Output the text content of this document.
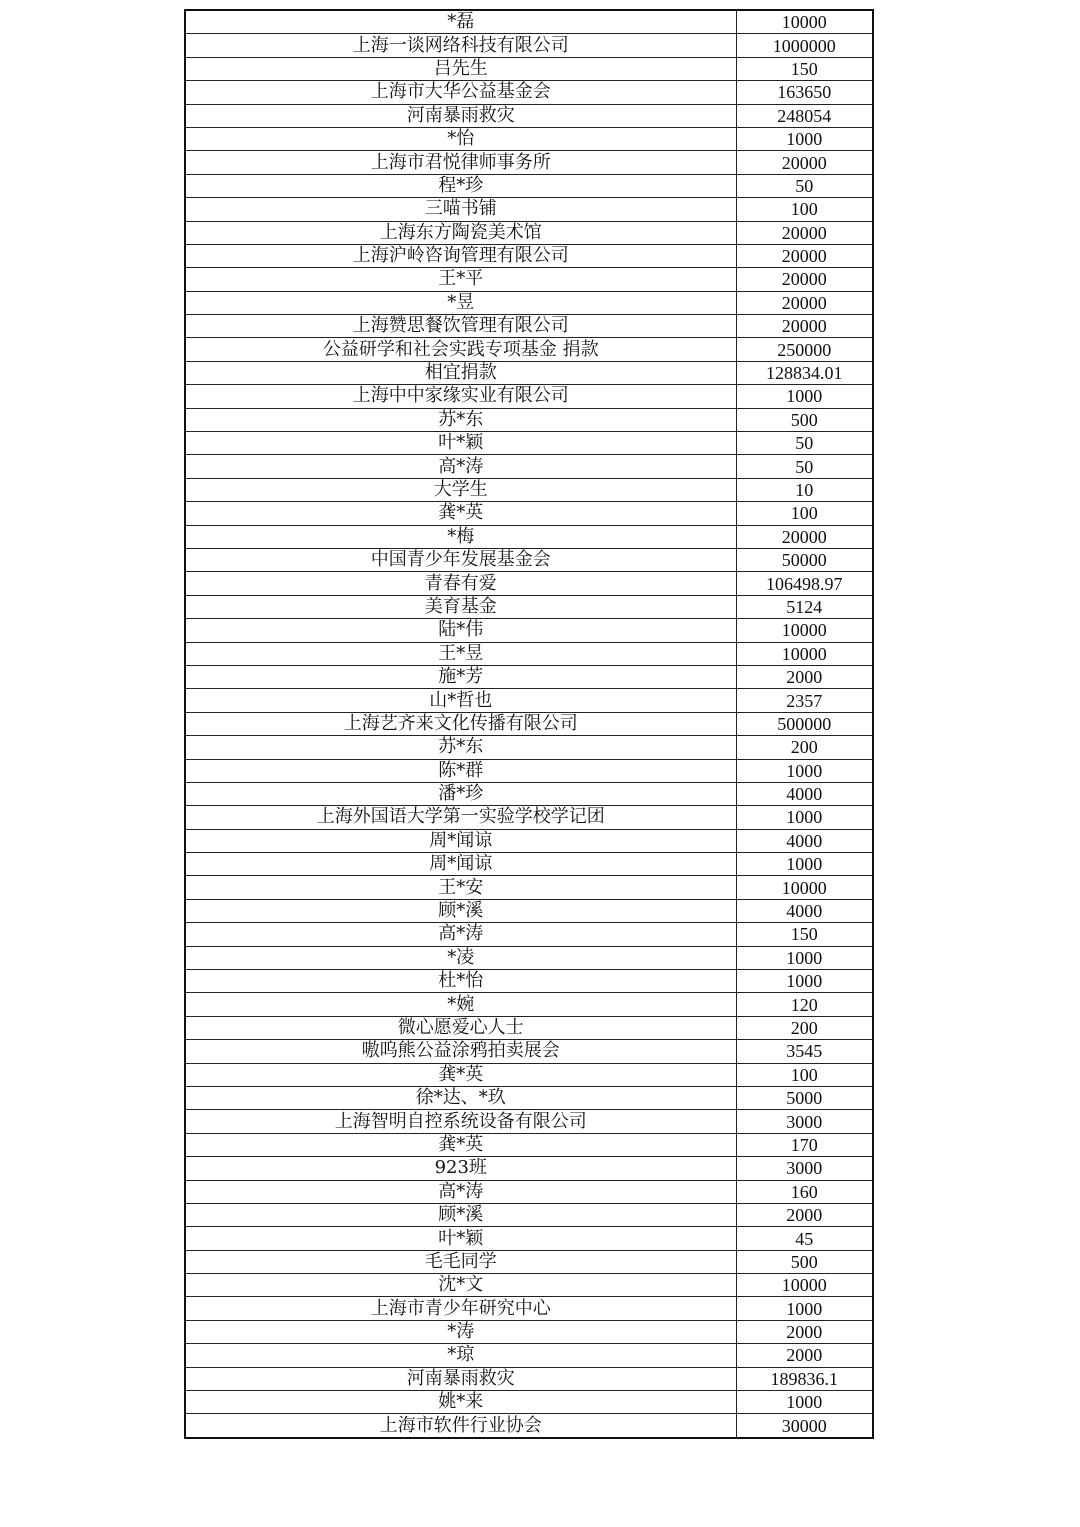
*磊	10000
上海一谈网络科技有限公司	1000000
吕先生	150
上海市大华公益基金会	163650
河南暴雨救灾	248054
*怡	1000
上海市君悦律师事务所	20000
程*珍	50
三喵书铺	100
上海东方陶瓷美术馆	20000
上海沪岭咨询管理有限公司	20000
王*平	20000
*昱	20000
上海赞思餐饮管理有限公司	20000
公益研学和社会实践专项基金 捐款	250000
相宜捐款	128834.01
上海中中家缘实业有限公司	1000
苏*东	500
叶*颖	50
高*涛	50
大学生	10
龚*英	100
*梅	20000
中国青少年发展基金会	50000
青春有爱	106498.97
美育基金	5124
陆*伟	10000
王*昱	10000
施*芳	2000
山*哲也	2357
上海艺齐来文化传播有限公司	500000
苏*东	200
陈*群	1000
潘*珍	4000
上海外国语大学第一实验学校学记团	1000
周*闻谅	4000
周*闻谅	1000
王*安	10000
顾*溪	4000
高*涛	150
*凌	1000
杜*怡	1000
*婉	120
微心愿爱心人士	200
嗷呜熊公益涂鸦拍卖展会	3545
龚*英	100
徐*达、*玖	5000
上海智明自控系统设备有限公司	3000
龚*英	170
923班	3000
高*涛	160
顾*溪	2000
叶*颖	45
毛毛同学	500
沈*文	10000
上海市青少年研究中心	1000
*涛	2000
*琼	2000
河南暴雨救灾	189836.1
姚*来	1000
上海市软件行业协会	30000
